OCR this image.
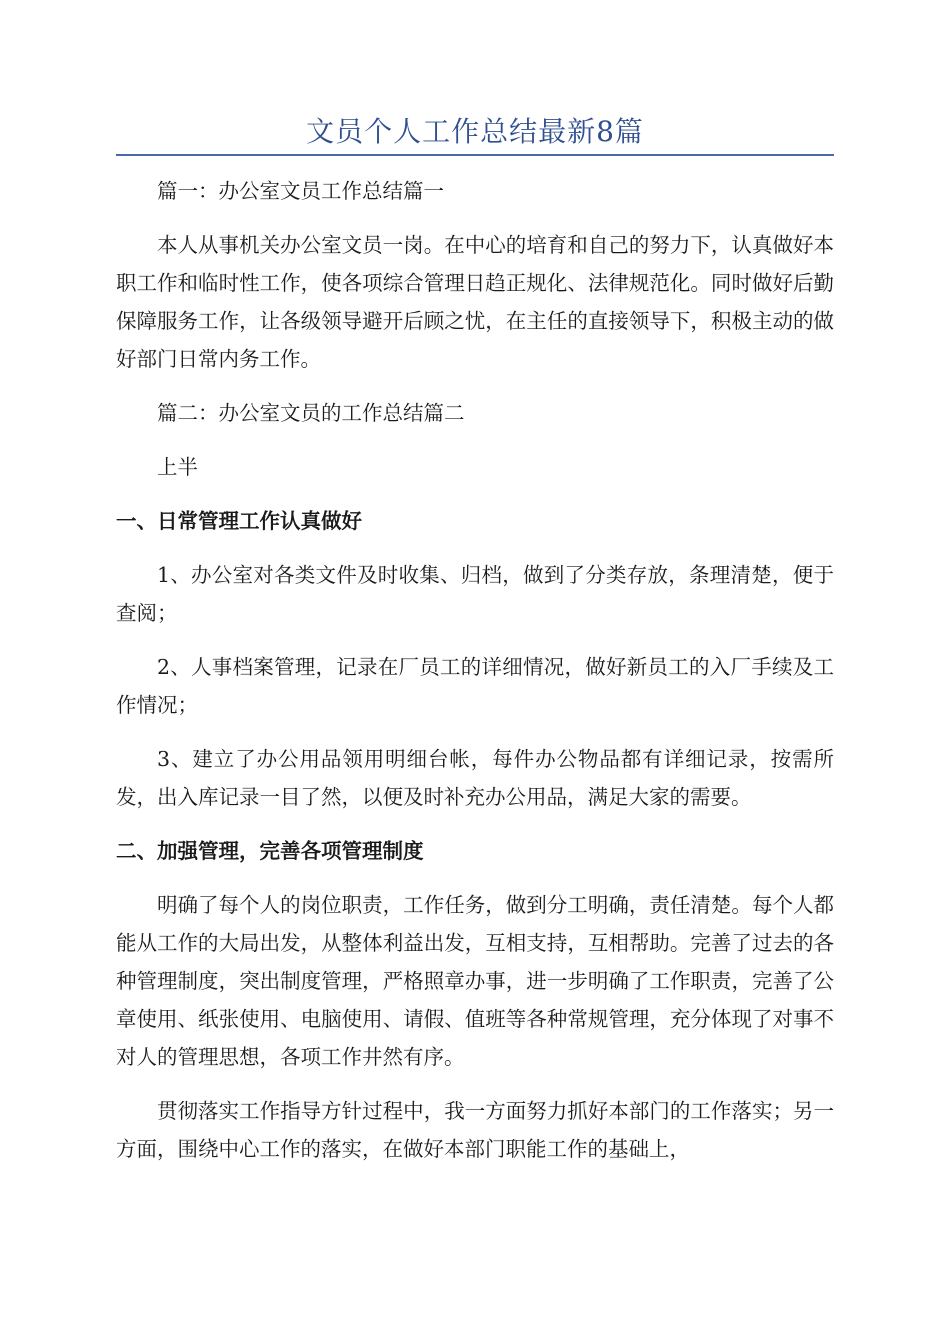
文员个人工作总结最新8篇

篇一：办公室文员工作总结篇一

本人从事机关办公室文员一岗。在中心的培育和自己的努力下，认真做好本职工作和临时性工作，使各项综合管理日趋正规化、法律规范化。同时做好后勤保障服务工作，让各级领导避开后顾之忧，在主任的直接领导下，积极主动的做好部门日常内务工作。

篇二：办公室文员的工作总结篇二

上半

一、日常管理工作认真做好

1、办公室对各类文件及时收集、归档，做到了分类存放，条理清楚，便于查阅；

2、人事档案管理，记录在厂员工的详细情况，做好新员工的入厂手续及工作情况；

3、建立了办公用品领用明细台帐，每件办公物品都有详细记录，按需所发，出入库记录一目了然，以便及时补充办公用品，满足大家的需要。

二、加强管理，完善各项管理制度

明确了每个人的岗位职责，工作任务，做到分工明确，责任清楚。每个人都能从工作的大局出发，从整体利益出发，互相支持，互相帮助。完善了过去的各种管理制度，突出制度管理，严格照章办事，进一步明确了工作职责，完善了公章使用、纸张使用、电脑使用、请假、值班等各种常规管理，充分体现了对事不对人的管理思想，各项工作井然有序。

贯彻落实工作指导方针过程中，我一方面努力抓好本部门的工作落实；另一方面，围绕中心工作的落实，在做好本部门职能工作的基础上，
